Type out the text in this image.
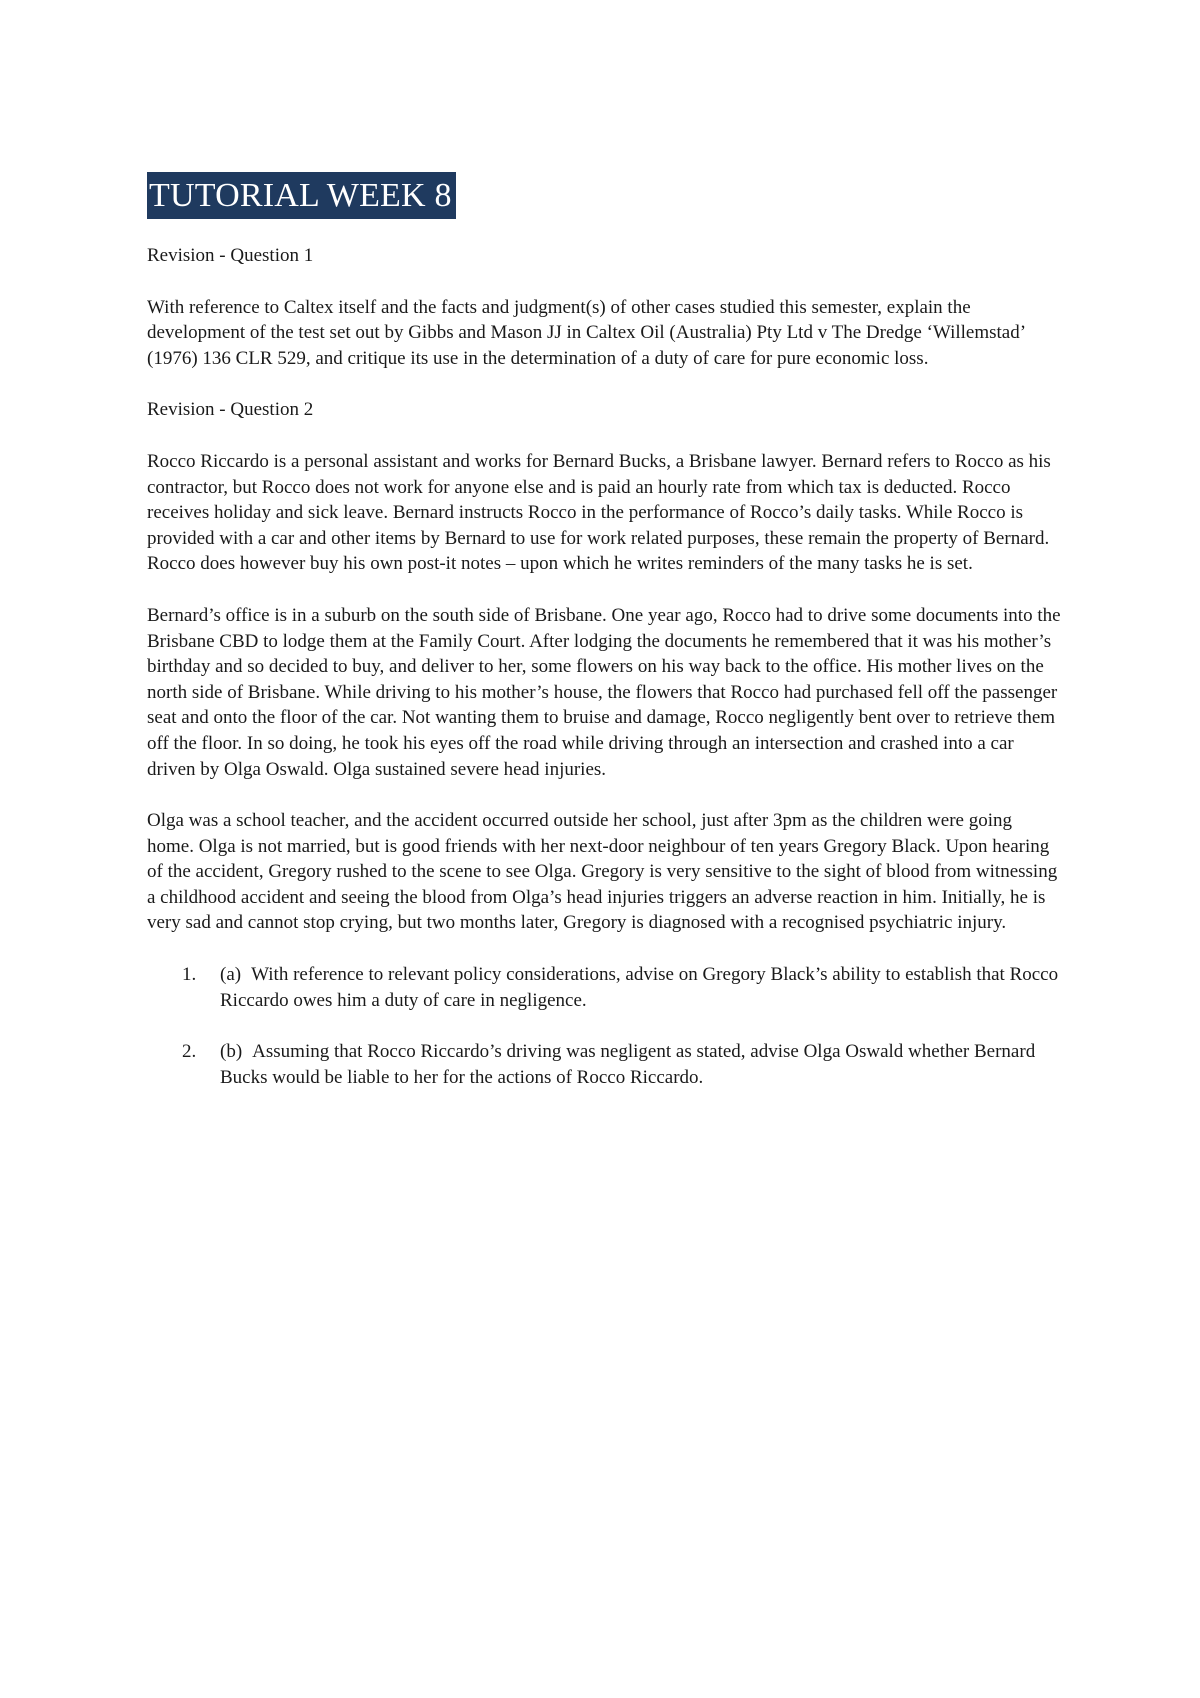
TUTORIAL WEEK 8

Revision - Question 1

With reference to Caltex itself and the facts and judgment(s) of other cases studied this semester, explain the development of the test set out by Gibbs and Mason JJ in Caltex Oil (Australia) Pty Ltd v The Dredge ‘Willemstad’ (1976) 136 CLR 529, and critique its use in the determination of a duty of care for pure economic loss.

Revision - Question 2

Rocco Riccardo is a personal assistant and works for Bernard Bucks, a Brisbane lawyer. Bernard refers to Rocco as his contractor, but Rocco does not work for anyone else and is paid an hourly rate from which tax is deducted. Rocco receives holiday and sick leave. Bernard instructs Rocco in the performance of Rocco’s daily tasks. While Rocco is provided with a car and other items by Bernard to use for work related purposes, these remain the property of Bernard. Rocco does however buy his own post-it notes – upon which he writes reminders of the many tasks he is set.

Bernard’s office is in a suburb on the south side of Brisbane. One year ago, Rocco had to drive some documents into the Brisbane CBD to lodge them at the Family Court. After lodging the documents he remembered that it was his mother’s birthday and so decided to buy, and deliver to her, some flowers on his way back to the office. His mother lives on the north side of Brisbane. While driving to his mother’s house, the flowers that Rocco had purchased fell off the passenger seat and onto the floor of the car. Not wanting them to bruise and damage, Rocco negligently bent over to retrieve them off the floor. In so doing, he took his eyes off the road while driving through an intersection and crashed into a car driven by Olga Oswald. Olga sustained severe head injuries.

Olga was a school teacher, and the accident occurred outside her school, just after 3pm as the children were going home. Olga is not married, but is good friends with her next-door neighbour of ten years Gregory Black. Upon hearing of the accident, Gregory rushed to the scene to see Olga. Gregory is very sensitive to the sight of blood from witnessing a childhood accident and seeing the blood from Olga’s head injuries triggers an adverse reaction in him. Initially, he is very sad and cannot stop crying, but two months later, Gregory is diagnosed with a recognised psychiatric injury.

1.	(a) With reference to relevant policy considerations, advise on Gregory Black’s ability to establish that Rocco Riccardo owes him a duty of care in negligence.
2.	(b) Assuming that Rocco Riccardo’s driving was negligent as stated, advise Olga Oswald whether Bernard Bucks would be liable to her for the actions of Rocco Riccardo.
